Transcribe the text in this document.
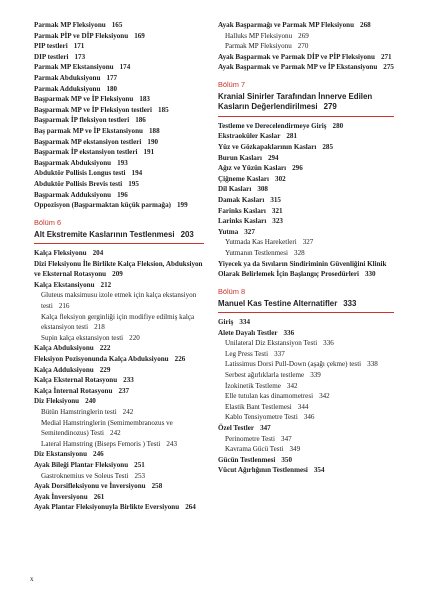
Parmak MP Fleksiyonu 165
Parmak PİP ve DİP Fleksiyonu 169
PIP testleri 171
DIP testleri 173
Parmak MP Ekstansiyonu 174
Parmak Abduksiyonu 177
Parmak Adduksiyonu 180
Başparmak MP ve İP Fleksiyonu 183
Başparmak MP ve İP Fleksiyon testleri 185
Başparmak İP fleksiyon testleri 186
Baş parmak MP ve İP Ekstansiyonu 188
Başparmak MP ekstansiyon testleri 190
Başparmak İP ekstansiyon testleri 191
Başparmak Abduksiyonu 193
Abduktör Pollisis Longus testi 194
Abduktör Pollisis Brevis testi 195
Başparmak Adduksiyonu 196
Oppozisyon (Başparmaktan küçük parmağa) 199
Bölüm 6
Alt Ekstremite Kaslarının Testlenmesi 203
Kalça Fleksiyonu 204
Dizi Fleksiyonu İle Birlikte Kalça Fleksion, Abduksiyon ve Eksternal Rotasyonu 209
Kalça Ekstansiyonu 212
Gluteus maksimusu izole etmek için kalça ekstansiyon testi 216
Kalça fleksiyon gerginliği için modifiye edilmiş kalça ekstansiyon testi 218
Supin kalça ekstansiyon testi 220
Kalça Abduksiyonu 222
Fleksiyon Pozisyonunda Kalça Abduksiyonu 226
Kalça Adduksiyonu 229
Kalça Eksternal Rotasyonu 233
Kalça İnternal Rotasyonu 237
Diz Fleksiyonu 240
Bütün Hamstringlerin testi 242
Medial Hamstringlerin (Semimembranozus ve Semitendinozus) Testi 242
Lateral Hamstring (Biseps Femoris ) Testi 243
Diz Ekstansiyonu 246
Ayak Bileği Plantar Fleksiyonu 251
Gastroknemius ve Soleus Testi 253
Ayak Dorsifleksiyonu ve İnversiyonu 258
Ayak İnversiyonu 261
Ayak Plantar Fleksiyonuyla Birlikte Eversiyonu 264
Ayak Başparmağı ve Parmak MP Fleksiyonu 268
Halluks MP Fleksiyonu 269
Parmak MP Fleksiyonu 270
Ayak Başparmak ve Parmak DİP ve PİP Fleksiyonu 271
Ayak Başparmak ve Parmak MP ve İP Ekstansiyonu 275
Bölüm 7
Kranial Sinirler Tarafından İnnerve Edilen Kasların Değerlendirilmesi 279
Testleme ve Derecelendirmeye Giriş 280
Ekstraoküler Kaslar 281
Yüz ve Gözkapaklarının Kasları 285
Burun Kasları 294
Ağız ve Yüzün Kasları 296
Çiğneme Kasları 302
Dil Kasları 308
Damak Kasları 315
Farinks Kasları 321
Larinks Kasları 323
Yutma 327
Yutmada Kas Hareketleri 327
Yutmanın Testlenmesi 328
Yiyecek ya da Sıvıların Sindiriminin Güvenliğini Klinik Olarak Belirlemek İçin Başlangıç Prosedürleri 330
Bölüm 8
Manuel Kas Testine Alternatifler 333
Giriş 334
Alete Dayalı Testler 336
Unilateral Diz Ekstansiyon Testi 336
Leg Press Testi 337
Latissimus Dorsi Pull-Down (aşağı çekme) testi 338
Serbest ağırlıklarla testleme 339
İzokinetik Testleme 342
Elle tutulan kas dinamometresi 342
Elastik Bant Testlemesi 344
Kablo Tensiyometre Testi 346
Özel Testler 347
Perinometre Testi 347
Kavrama Gücü Testi 349
Gücün Testlenmesi 350
Vücut Ağırlığının Testlenmesi 354
x
